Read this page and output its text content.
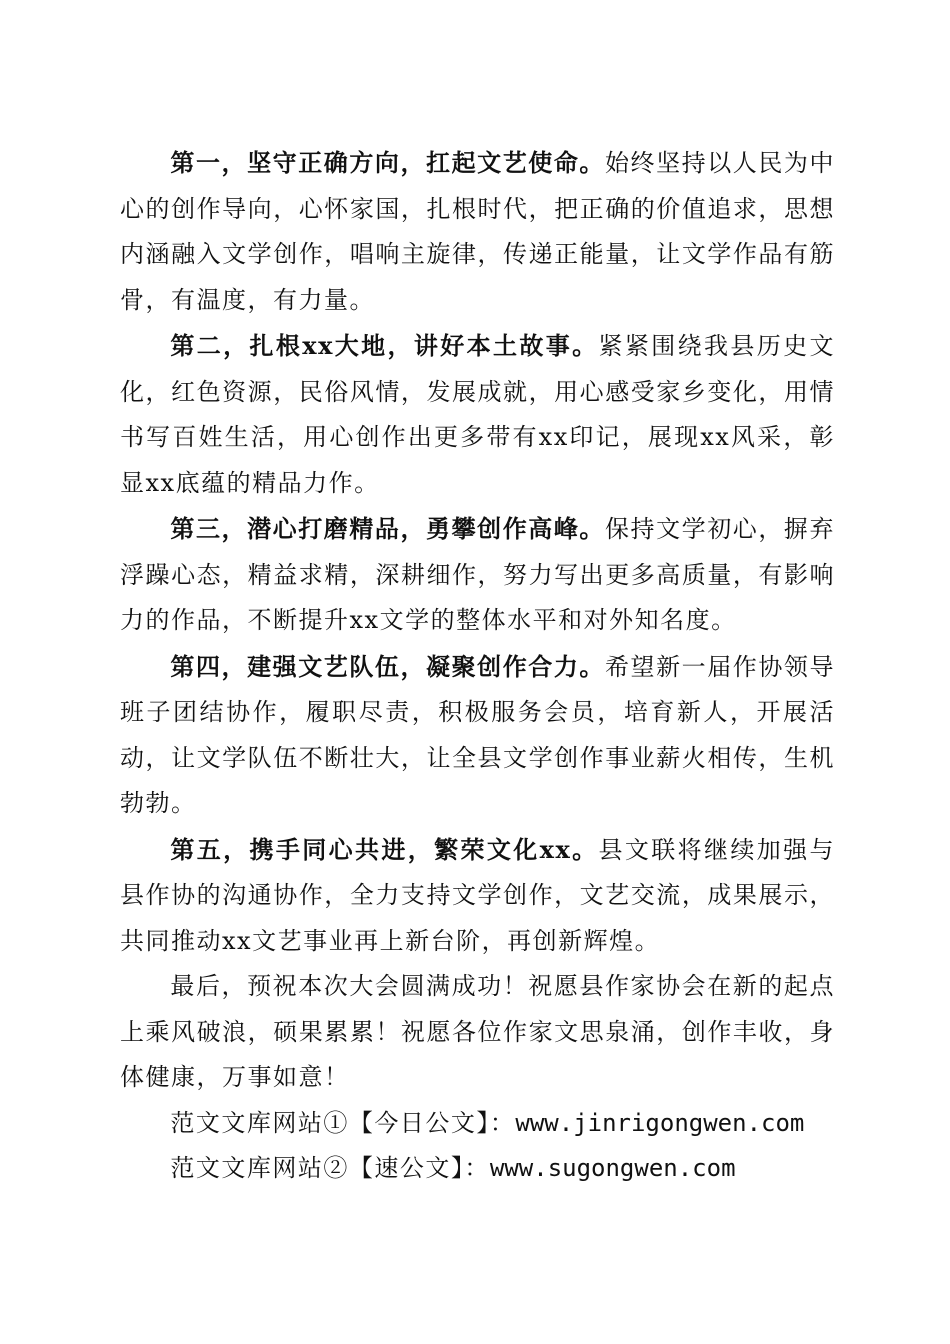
第一，坚守正确方向，扛起文艺使命。始终坚持以人民为中心的创作导向，心怀家国，扎根时代，把正确的价值追求，思想内涵融入文学创作，唱响主旋律，传递正能量，让文学作品有筋骨，有温度，有力量。

第二，扎根xx大地，讲好本土故事。紧紧围绕我县历史文化，红色资源，民俗风情，发展成就，用心感受家乡变化，用情书写百姓生活，用心创作出更多带有xx印记，展现xx风采，彰显xx底蕴的精品力作。

第三，潜心打磨精品，勇攀创作高峰。保持文学初心，摒弃浮躁心态，精益求精，深耕细作，努力写出更多高质量，有影响力的作品，不断提升xx文学的整体水平和对外知名度。

第四，建强文艺队伍，凝聚创作合力。希望新一届作协领导班子团结协作，履职尽责，积极服务会员，培育新人，开展活动，让文学队伍不断壮大，让全县文学创作事业薪火相传，生机勃勃。

第五，携手同心共进，繁荣文化xx。县文联将继续加强与县作协的沟通协作，全力支持文学创作，文艺交流，成果展示，共同推动xx文艺事业再上新台阶，再创新辉煌。

最后，预祝本次大会圆满成功！祝愿县作家协会在新的起点上乘风破浪，硕果累累！祝愿各位作家文思泉涌，创作丰收，身体健康，万事如意！

范文文库网站①【今日公文】：www.jinrigongwen.com

范文文库网站②【速公文】：www.sugongwen.com
